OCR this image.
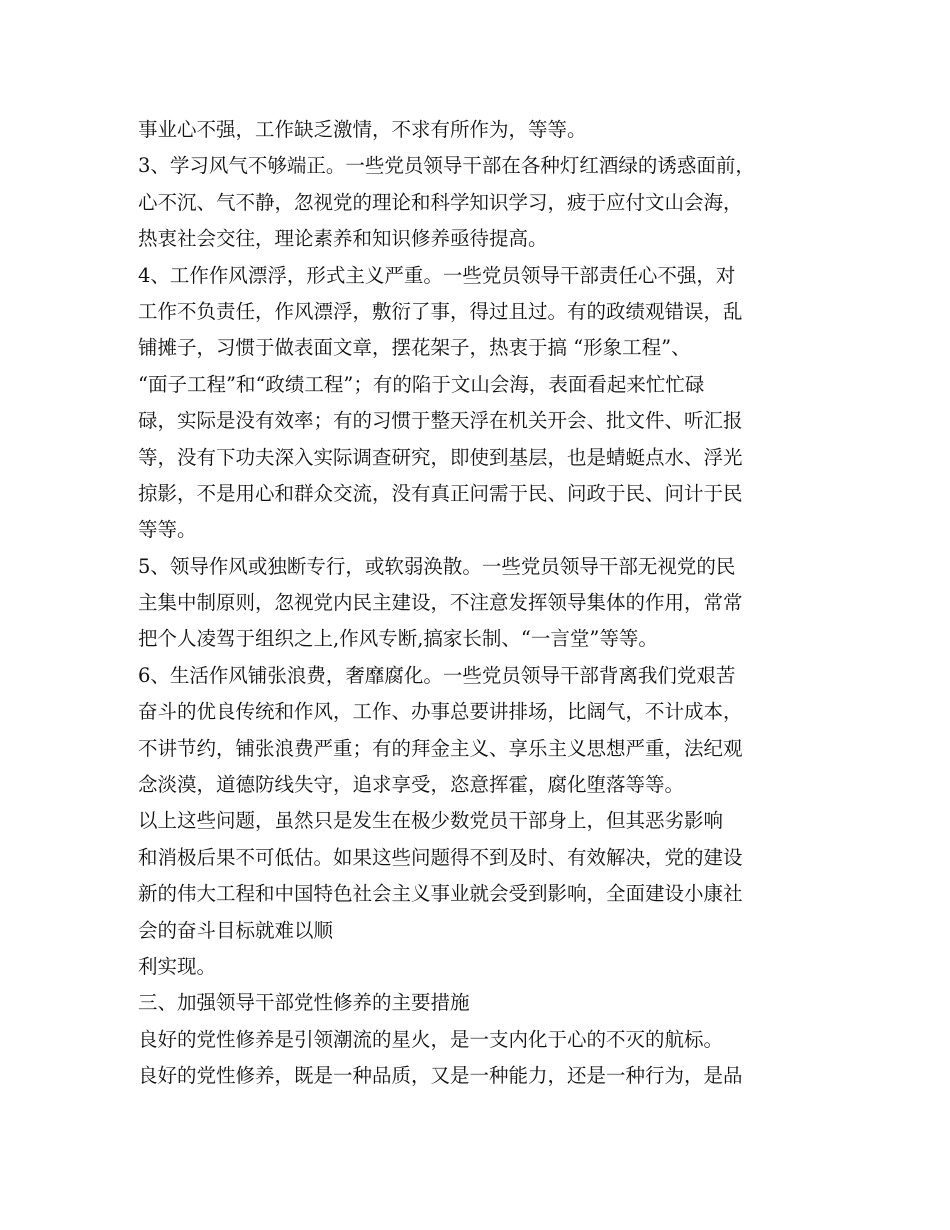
事业心不强，工作缺乏激情，不求有所作为，等等。
3、学习风气不够端正。一些党员领导干部在各种灯红酒绿的诱惑面前，
心不沉、气不静，忽视党的理论和科学知识学习，疲于应付文山会海，
热衷社会交往，理论素养和知识修养亟待提高。
4、工作作风漂浮，形式主义严重。一些党员领导干部责任心不强，对
工作不负责任，作风漂浮，敷衍了事，得过且过。有的政绩观错误，乱
铺摊子，习惯于做表面文章，摆花架子，热衷于搞 “形象工程”、
“面子工程”和“政绩工程”；有的陷于文山会海，表面看起来忙忙碌
碌，实际是没有效率；有的习惯于整天浮在机关开会、批文件、听汇报
等，没有下功夫深入实际调查研究，即使到基层，也是蜻蜓点水、浮光
掠影，不是用心和群众交流，没有真正问需于民、问政于民、问计于民
等等。
5、领导作风或独断专行，或软弱涣散。一些党员领导干部无视党的民
主集中制原则，忽视党内民主建设，不注意发挥领导集体的作用，常常
把个人凌驾于组织之上,作风专断,搞家长制、“一言堂”等等。
6、生活作风铺张浪费，奢靡腐化。一些党员领导干部背离我们党艰苦
奋斗的优良传统和作风，工作、办事总要讲排场，比阔气，不计成本，
不讲节约，铺张浪费严重；有的拜金主义、享乐主义思想严重，法纪观
念淡漠，道德防线失守，追求享受，恣意挥霍，腐化堕落等等。
以上这些问题，虽然只是发生在极少数党员干部身上，但其恶劣影响
和消极后果不可低估。如果这些问题得不到及时、有效解决，党的建设
新的伟大工程和中国特色社会主义事业就会受到影响，全面建设小康社
会的奋斗目标就难以顺
利实现。
三、加强领导干部党性修养的主要措施
良好的党性修养是引领潮流的星火，是一支内化于心的不灭的航标。
良好的党性修养，既是一种品质，又是一种能力，还是一种行为，是品
